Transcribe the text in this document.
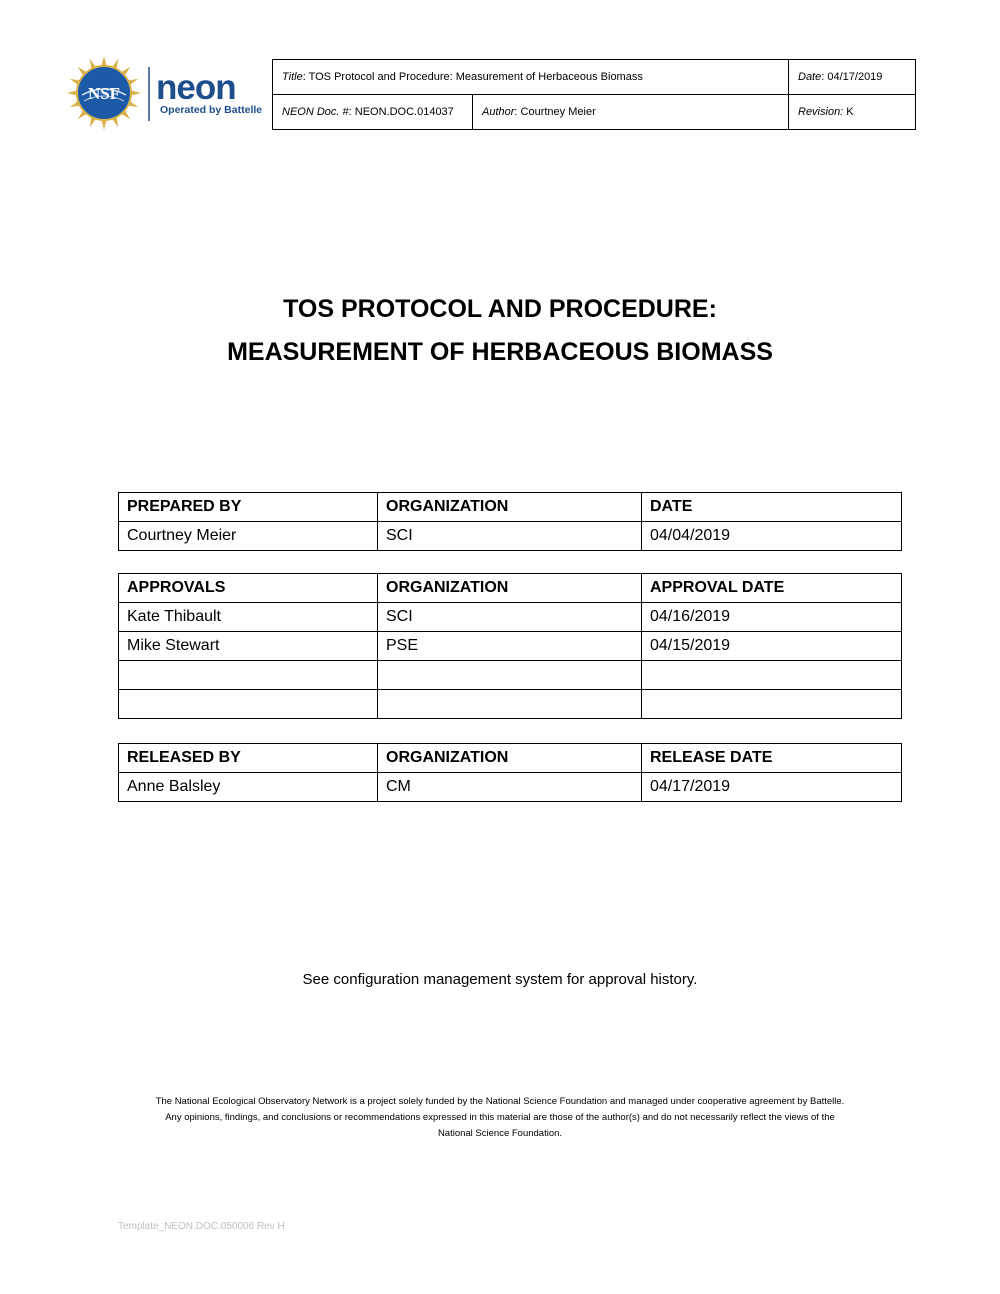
NSF neon
Operated by Battelle
Title: TOS Protocol and Procedure: Measurement of Herbaceous Biomass		Date: 04/17/2019
NEON Doc. #: NEON.DOC.014037	Author: Courtney Meier	Revision: K
TOS PROTOCOL AND PROCEDURE:
MEASUREMENT OF HERBACEOUS BIOMASS
PREPARED BY	ORGANIZATION	DATE
Courtney Meier	SCI	04/04/2019
APPROVALS	ORGANIZATION	APPROVAL DATE
Kate Thibault	SCI	04/16/2019
Mike Stewart	PSE	04/15/2019

RELEASED BY	ORGANIZATION	RELEASE DATE
Anne Balsley	CM	04/17/2019
See configuration management system for approval history.
The National Ecological Observatory Network is a project solely funded by the National Science Foundation and managed under cooperative agreement by Battelle.
Any opinions, findings, and conclusions or recommendations expressed in this material are those of the author(s) and do not necessarily reflect the views of the
National Science Foundation.
Template_NEON.DOC.050006 Rev H
